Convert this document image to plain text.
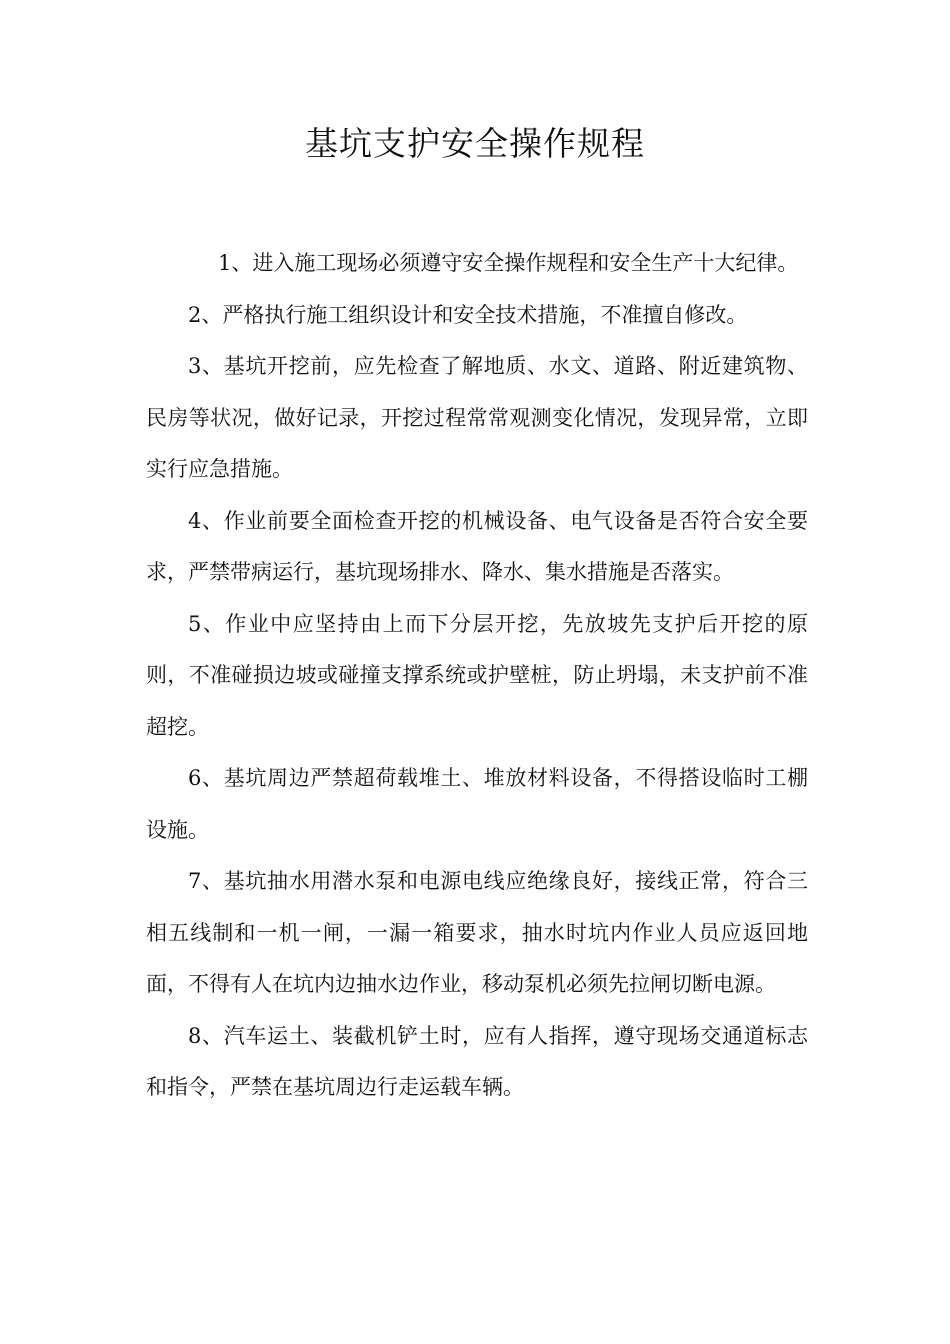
基坑支护安全操作规程

1、进入施工现场必须遵守安全操作规程和安全生产十大纪律。

2、严格执行施工组织设计和安全技术措施，不准擅自修改。

3、基坑开挖前，应先检查了解地质、水文、道路、附近建筑物、民房等状况，做好记录，开挖过程常常观测变化情况，发现异常，立即实行应急措施。

4、作业前要全面检查开挖的机械设备、电气设备是否符合安全要求，严禁带病运行，基坑现场排水、降水、集水措施是否落实。

5、作业中应坚持由上而下分层开挖，先放坡先支护后开挖的原则，不准碰损边坡或碰撞支撑系统或护壁桩，防止坍塌，未支护前不准超挖。

6、基坑周边严禁超荷载堆土、堆放材料设备，不得搭设临时工棚设施。

7、基坑抽水用潜水泵和电源电线应绝缘良好，接线正常，符合三相五线制和一机一闸，一漏一箱要求，抽水时坑内作业人员应返回地面，不得有人在坑内边抽水边作业，移动泵机必须先拉闸切断电源。

8、汽车运土、装截机铲土时，应有人指挥，遵守现场交通道标志和指令，严禁在基坑周边行走运载车辆。
